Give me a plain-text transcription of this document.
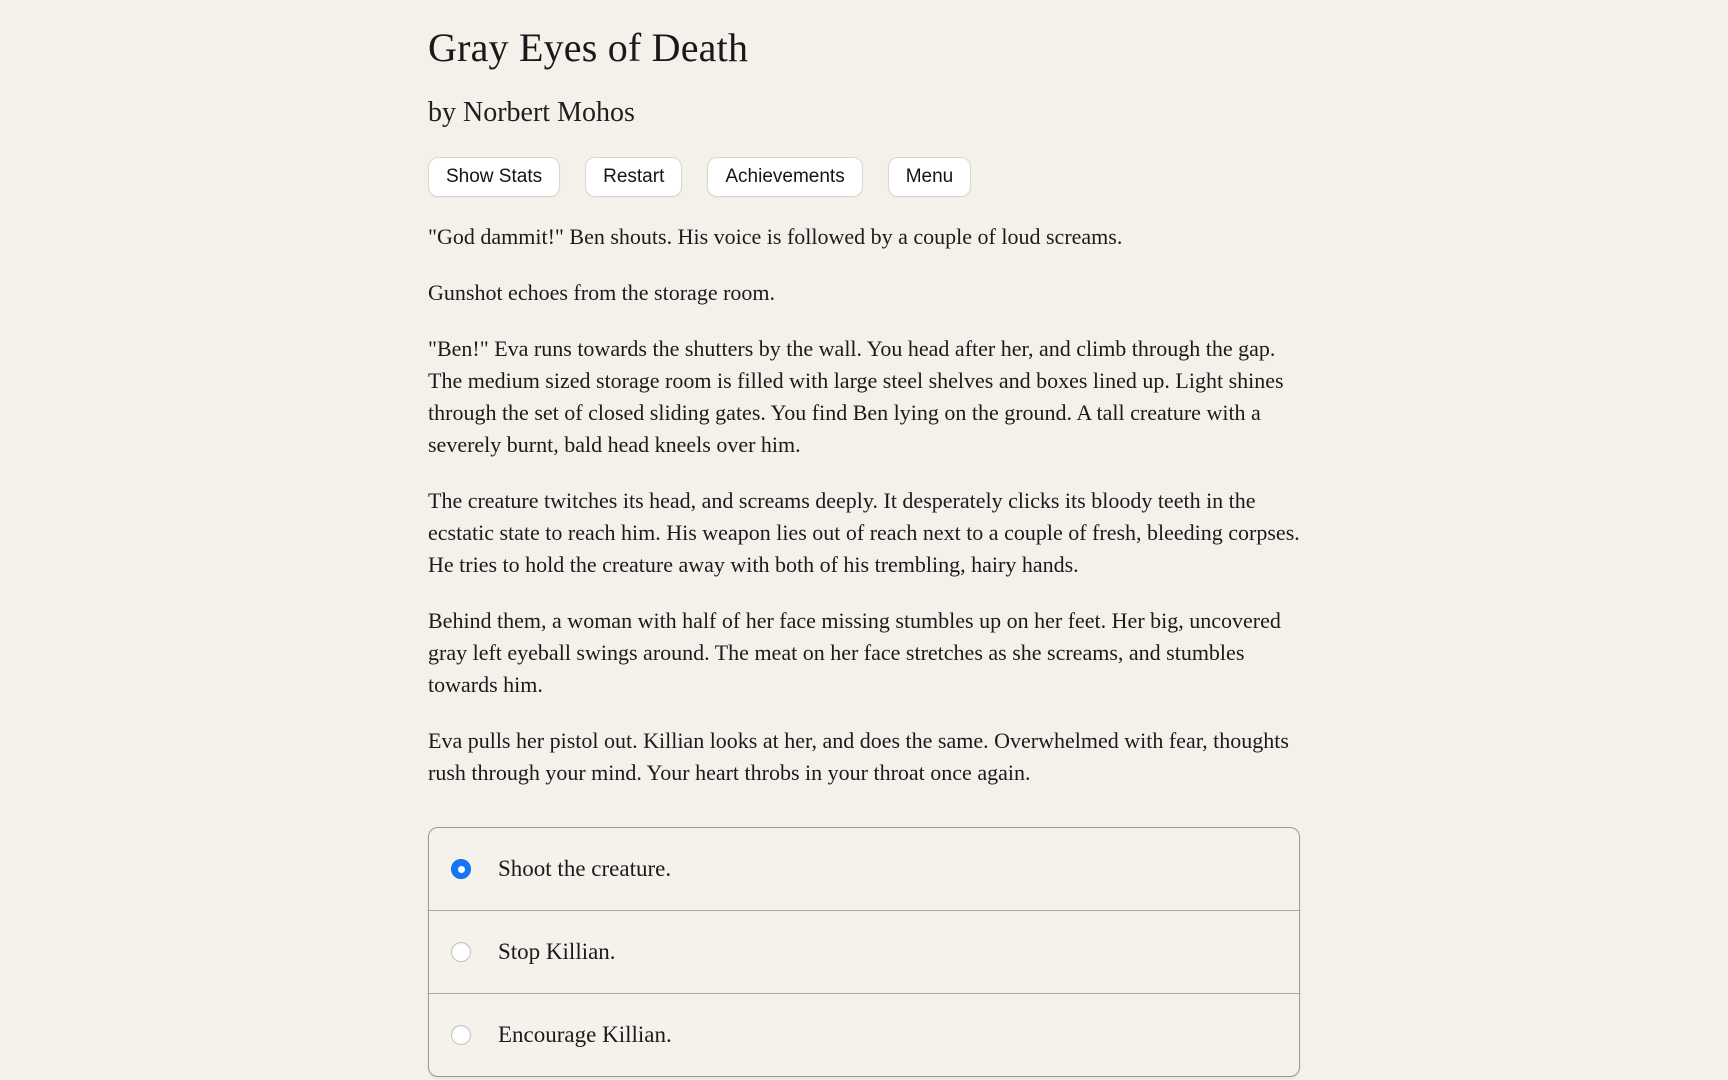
Gray Eyes of Death
by Norbert Mohos
Show Stats	Restart	Achievements	Menu

"God dammit!" Ben shouts. His voice is followed by a couple of loud screams.

Gunshot echoes from the storage room.

"Ben!" Eva runs towards the shutters by the wall. You head after her, and climb through the gap. The medium sized storage room is filled with large steel shelves and boxes lined up. Light shines through the set of closed sliding gates. You find Ben lying on the ground. A tall creature with a severely burnt, bald head kneels over him.

The creature twitches its head, and screams deeply. It desperately clicks its bloody teeth in the ecstatic state to reach him. His weapon lies out of reach next to a couple of fresh, bleeding corpses. He tries to hold the creature away with both of his trembling, hairy hands.

Behind them, a woman with half of her face missing stumbles up on her feet. Her big, uncovered gray left eyeball swings around. The meat on her face stretches as she screams, and stumbles towards him.

Eva pulls her pistol out. Killian looks at her, and does the same. Overwhelmed with fear, thoughts rush through your mind. Your heart throbs in your throat once again.

Shoot the creature.
Stop Killian.
Encourage Killian.
